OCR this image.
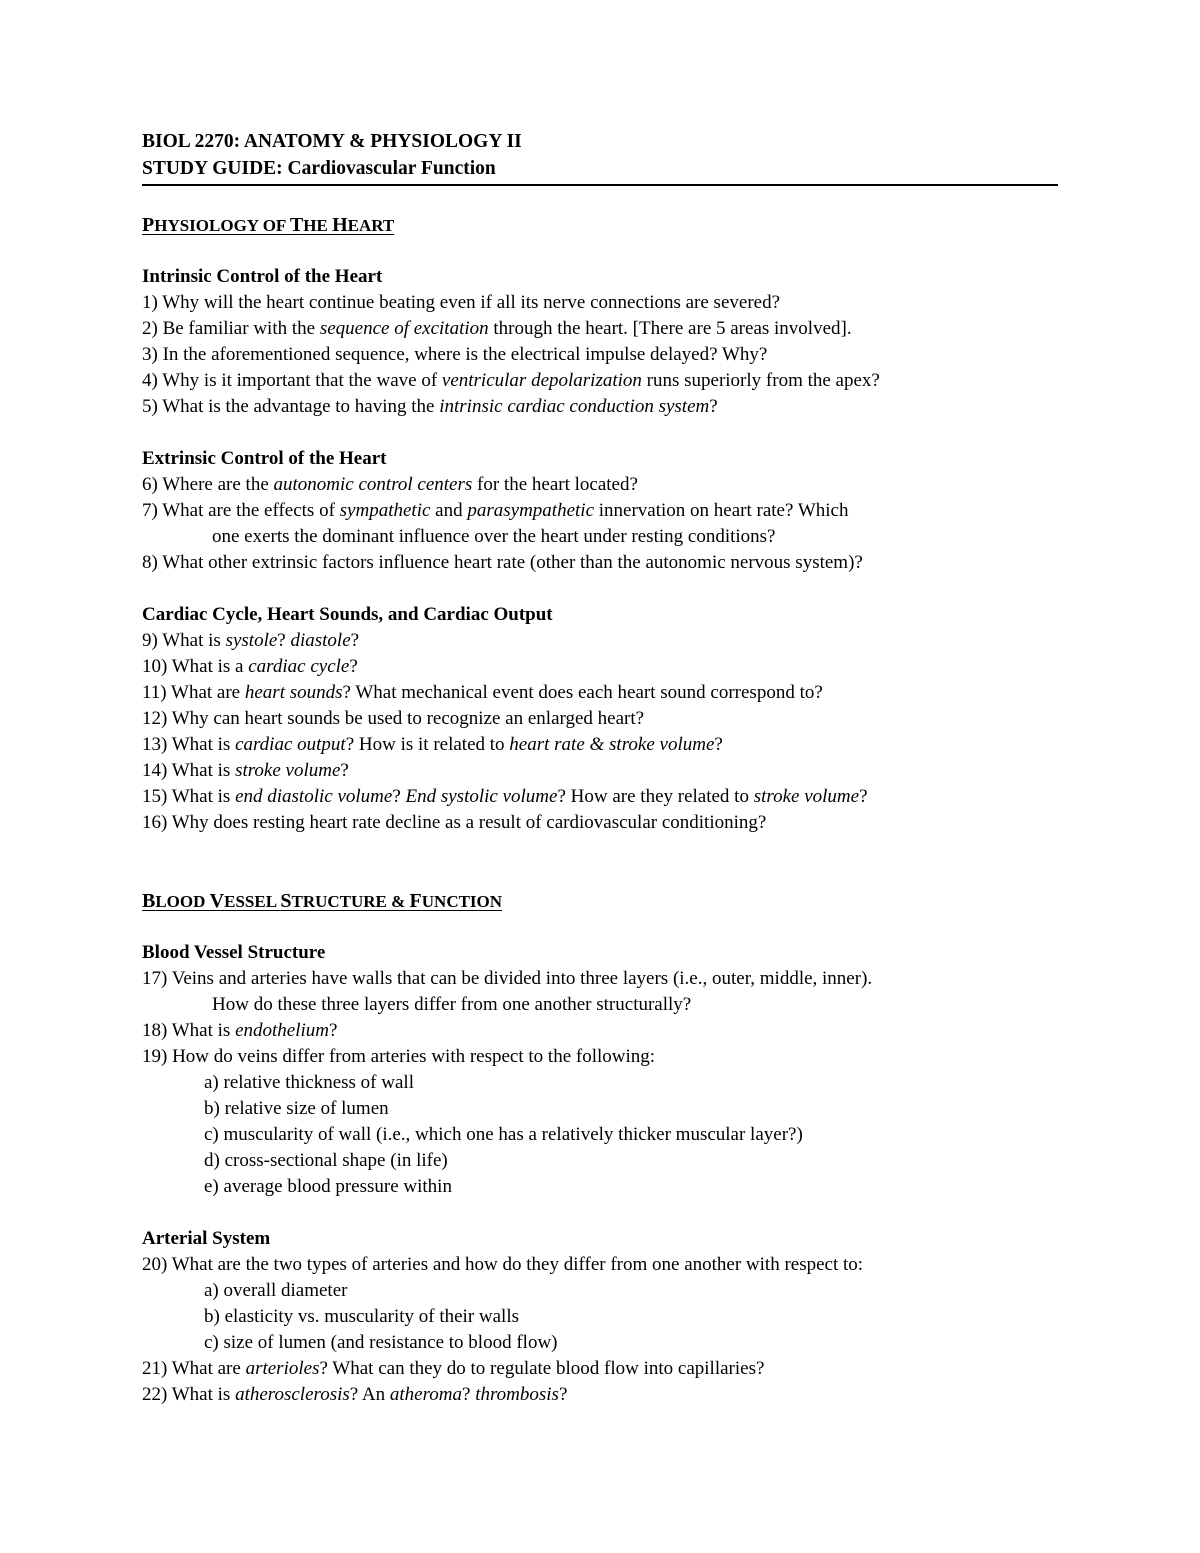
BIOL 2270: ANATOMY & PHYSIOLOGY II
STUDY GUIDE: Cardiovascular Function
PHYSIOLOGY OF THE HEART
Intrinsic Control of the Heart
1) Why will the heart continue beating even if all its nerve connections are severed?
2) Be familiar with the sequence of excitation through the heart. [There are 5 areas involved].
3) In the aforementioned sequence, where is the electrical impulse delayed? Why?
4) Why is it important that the wave of ventricular depolarization runs superiorly from the apex?
5) What is the advantage to having the intrinsic cardiac conduction system?
Extrinsic Control of the Heart
6) Where are the autonomic control centers for the heart located?
7) What are the effects of sympathetic and parasympathetic innervation on heart rate? Which
one exerts the dominant influence over the heart under resting conditions?
8) What other extrinsic factors influence heart rate (other than the autonomic nervous system)?
Cardiac Cycle, Heart Sounds, and Cardiac Output
9) What is systole? diastole?
10) What is a cardiac cycle?
11) What are heart sounds? What mechanical event does each heart sound correspond to?
12) Why can heart sounds be used to recognize an enlarged heart?
13) What is cardiac output? How is it related to heart rate & stroke volume?
14) What is stroke volume?
15) What is end diastolic volume? End systolic volume? How are they related to stroke volume?
16) Why does resting heart rate decline as a result of cardiovascular conditioning?
BLOOD VESSEL STRUCTURE & FUNCTION
Blood Vessel Structure
17) Veins and arteries have walls that can be divided into three layers (i.e., outer, middle, inner).
How do these three layers differ from one another structurally?
18) What is endothelium?
19) How do veins differ from arteries with respect to the following:
a) relative thickness of wall
b) relative size of lumen
c) muscularity of wall (i.e., which one has a relatively thicker muscular layer?)
d) cross-sectional shape (in life)
e) average blood pressure within
Arterial System
20) What are the two types of arteries and how do they differ from one another with respect to:
a) overall diameter
b) elasticity vs. muscularity of their walls
c) size of lumen (and resistance to blood flow)
21) What are arterioles? What can they do to regulate blood flow into capillaries?
22) What is atherosclerosis? An atheroma? thrombosis?
